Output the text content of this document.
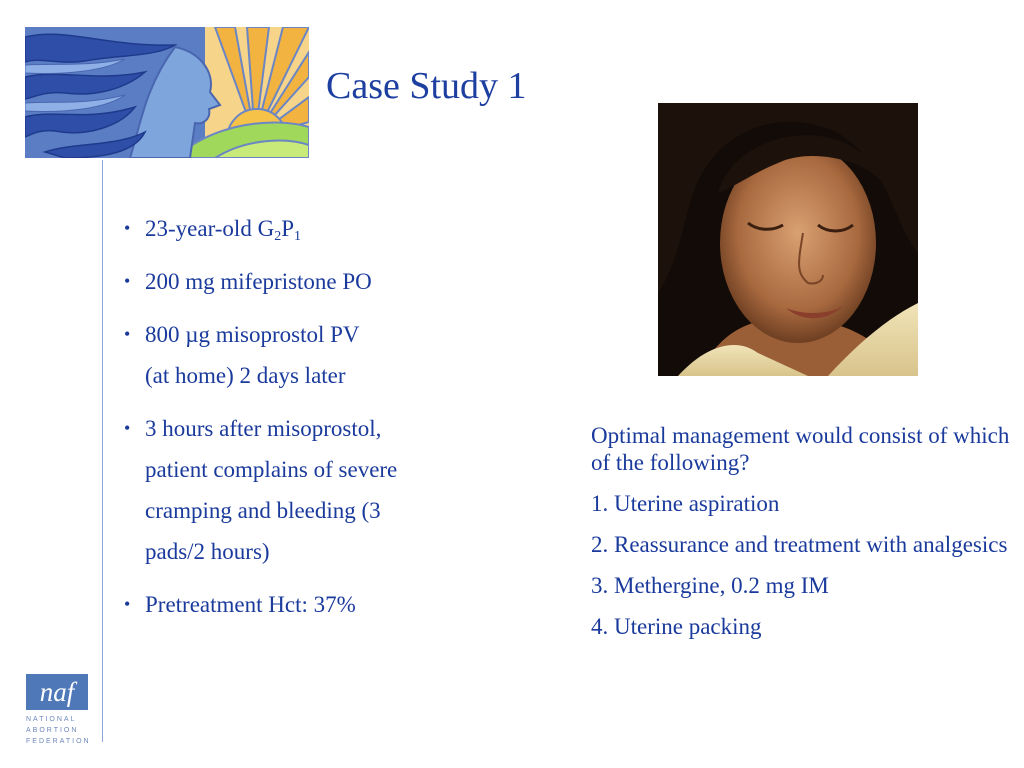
Case Study 1
• 23-year-old $G_2P_1$
• 200 mg mifepristone PO
• 800 µg misoprostol PV
(at home) 2 days later
• 3 hours after misoprostol,
patient complains of severe
cramping and bleeding (3
pads/2 hours)
• Pretreatment Hct: 37%

Optimal management would consist of which of the following?

1. Uterine aspiration

2. Reassurance and treatment with analgesics

3. Methergine, 0.2 mg IM

4. Uterine packing

naf
NATIONAL
ABORTION
FEDERATION
